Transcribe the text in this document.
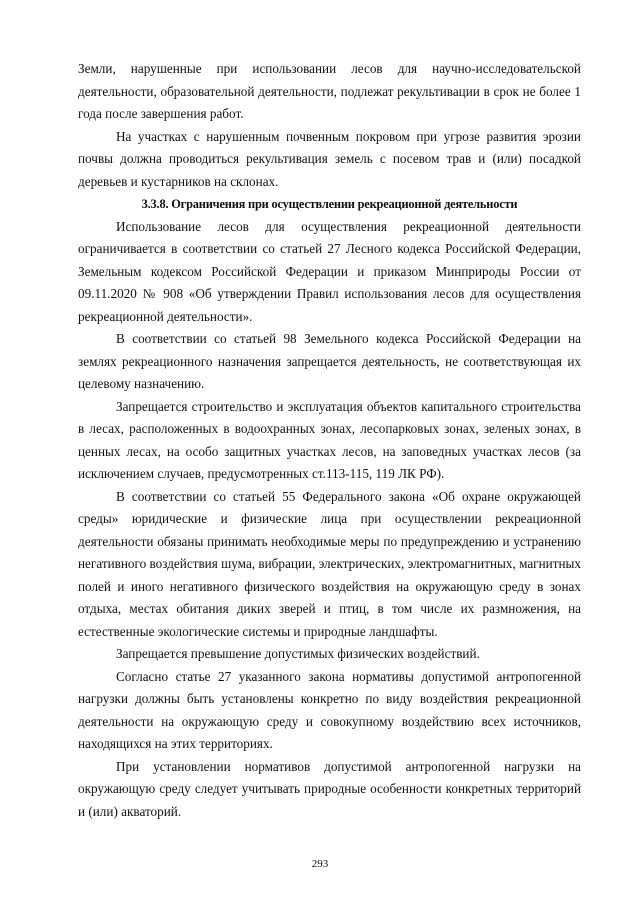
Земли, нарушенные при использовании лесов для научно-исследовательской деятельности, образовательной деятельности, подлежат рекультивации в срок не более 1 года после завершения работ.

На участках с нарушенным почвенным покровом при угрозе развития эрозии почвы должна проводиться рекультивация земель с посевом трав и (или) посадкой деревьев и кустарников на склонах.

3.3.8. Ограничения при осуществлении рекреационной деятельности

Использование лесов для осуществления рекреационной деятельности ограничивается в соответствии со статьей 27 Лесного кодекса Российской Федерации, Земельным кодексом Российской Федерации и приказом Минприроды России от 09.11.2020 № 908 «Об утверждении Правил использования лесов для осуществления рекреационной деятельности».

В соответствии со статьей 98 Земельного кодекса Российской Федерации на землях рекреационного назначения запрещается деятельность, не соответствующая их целевому назначению.

Запрещается строительство и эксплуатация объектов капитального строительства в лесах, расположенных в водоохранных зонах, лесопарковых зонах, зеленых зонах, в ценных лесах, на особо защитных участках лесов, на заповедных участках лесов (за исключением случаев, предусмотренных ст.113-115, 119 ЛК РФ).

В соответствии со статьей 55 Федерального закона «Об охране окружающей среды» юридические и физические лица при осуществлении рекреационной деятельности обязаны принимать необходимые меры по предупреждению и устранению негативного воздействия шума, вибрации, электрических, электромагнитных, магнитных полей и иного негативного физического воздействия на окружающую среду в зонах отдыха, местах обитания диких зверей и птиц, в том числе их размножения, на естественные экологические системы и природные ландшафты.

Запрещается превышение допустимых физических воздействий.

Согласно статье 27 указанного закона нормативы допустимой антропогенной нагрузки должны быть установлены конкретно по виду воздействия рекреационной деятельности на окружающую среду и совокупному воздействию всех источников, находящихся на этих территориях.

При установлении нормативов допустимой антропогенной нагрузки на окружающую среду следует учитывать природные особенности конкретных территорий и (или) акваторий.

293
